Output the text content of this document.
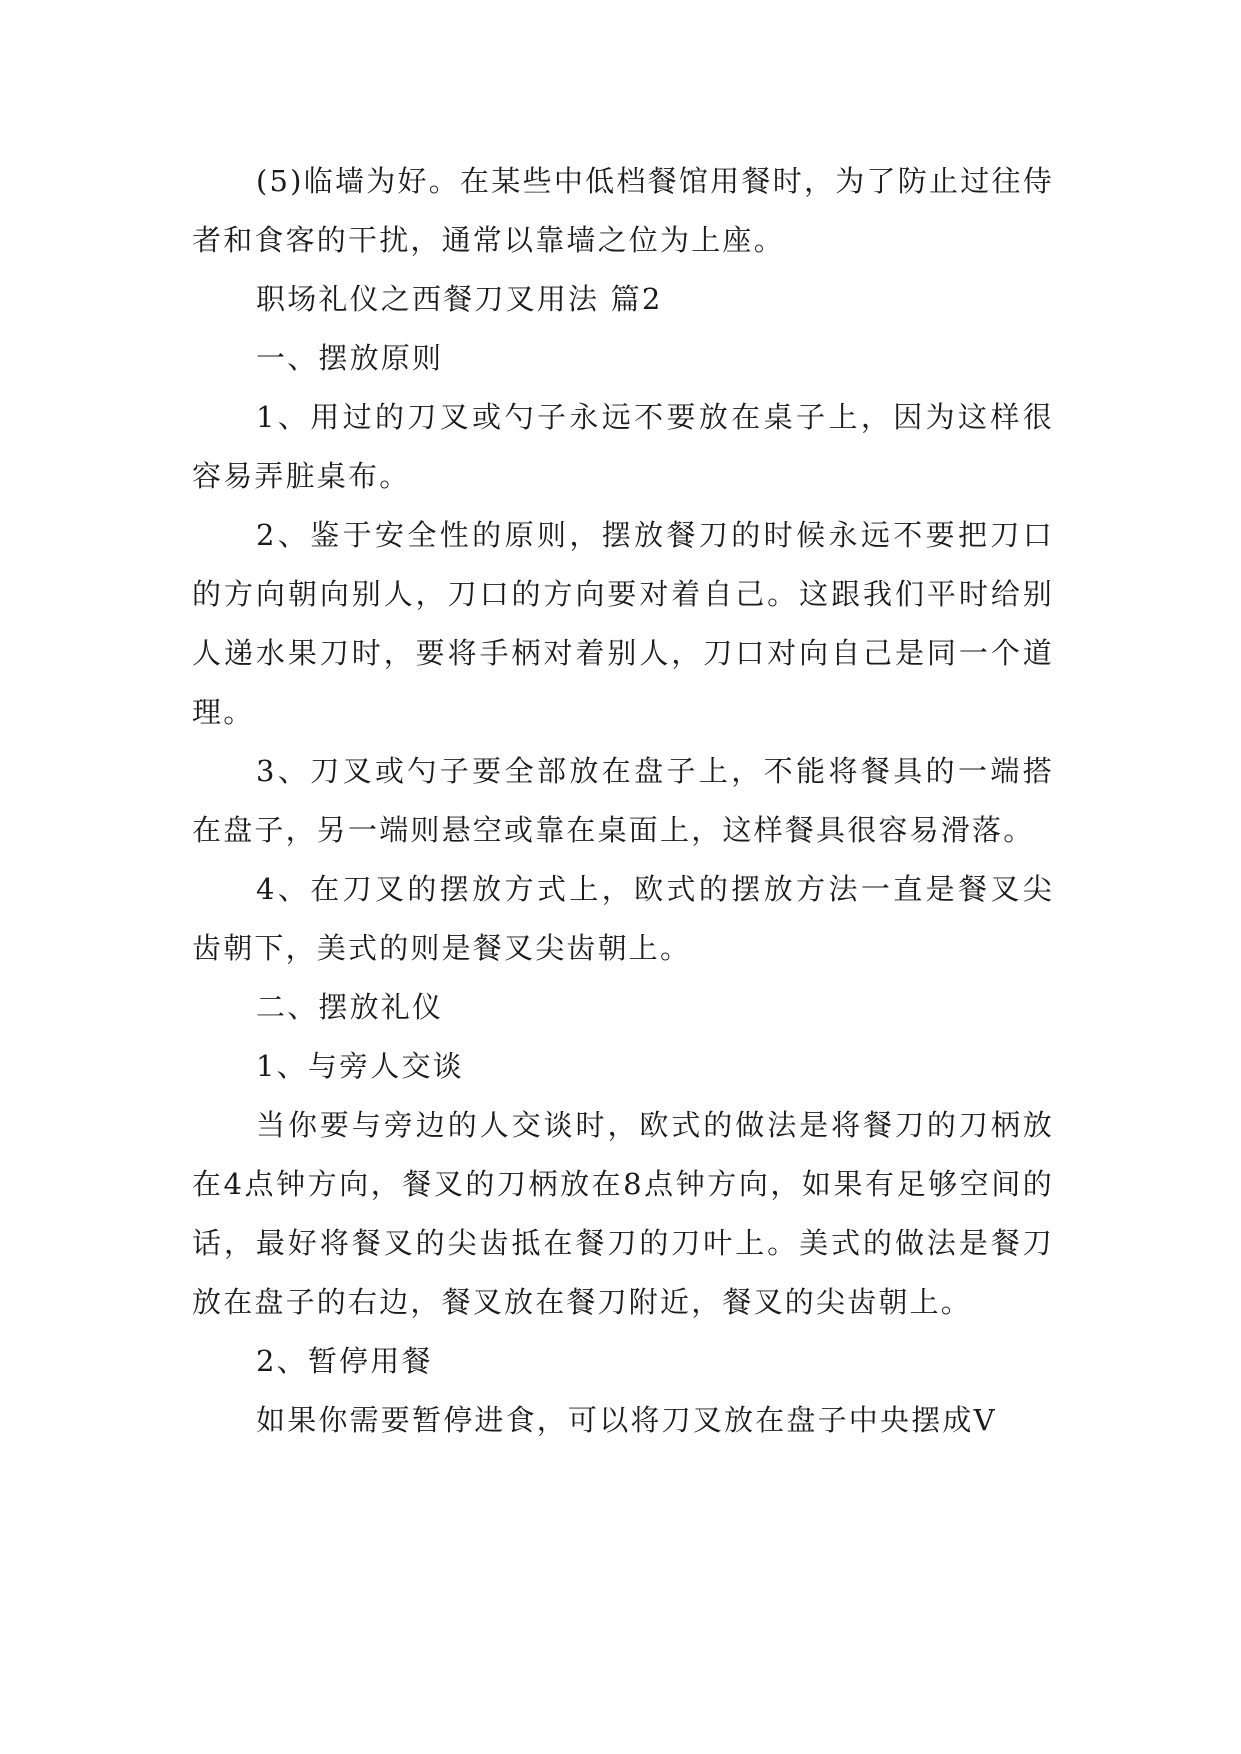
(5)临墙为好。在某些中低档餐馆用餐时，为了防止过往侍者和食客的干扰，通常以靠墙之位为上座。

职场礼仪之西餐刀叉用法 篇2

一、摆放原则

1、用过的刀叉或勺子永远不要放在桌子上，因为这样很容易弄脏桌布。

2、鉴于安全性的原则，摆放餐刀的时候永远不要把刀口的方向朝向别人，刀口的方向要对着自己。这跟我们平时给别人递水果刀时，要将手柄对着别人，刀口对向自己是同一个道理。

3、刀叉或勺子要全部放在盘子上，不能将餐具的一端搭在盘子，另一端则悬空或靠在桌面上，这样餐具很容易滑落。

4、在刀叉的摆放方式上，欧式的摆放方法一直是餐叉尖齿朝下，美式的则是餐叉尖齿朝上。

二、摆放礼仪

1、与旁人交谈

当你要与旁边的人交谈时，欧式的做法是将餐刀的刀柄放在4点钟方向，餐叉的刀柄放在8点钟方向，如果有足够空间的话，最好将餐叉的尖齿抵在餐刀的刀叶上。美式的做法是餐刀放在盘子的右边，餐叉放在餐刀附近，餐叉的尖齿朝上。

2、暂停用餐

如果你需要暂停进食，可以将刀叉放在盘子中央摆成V
